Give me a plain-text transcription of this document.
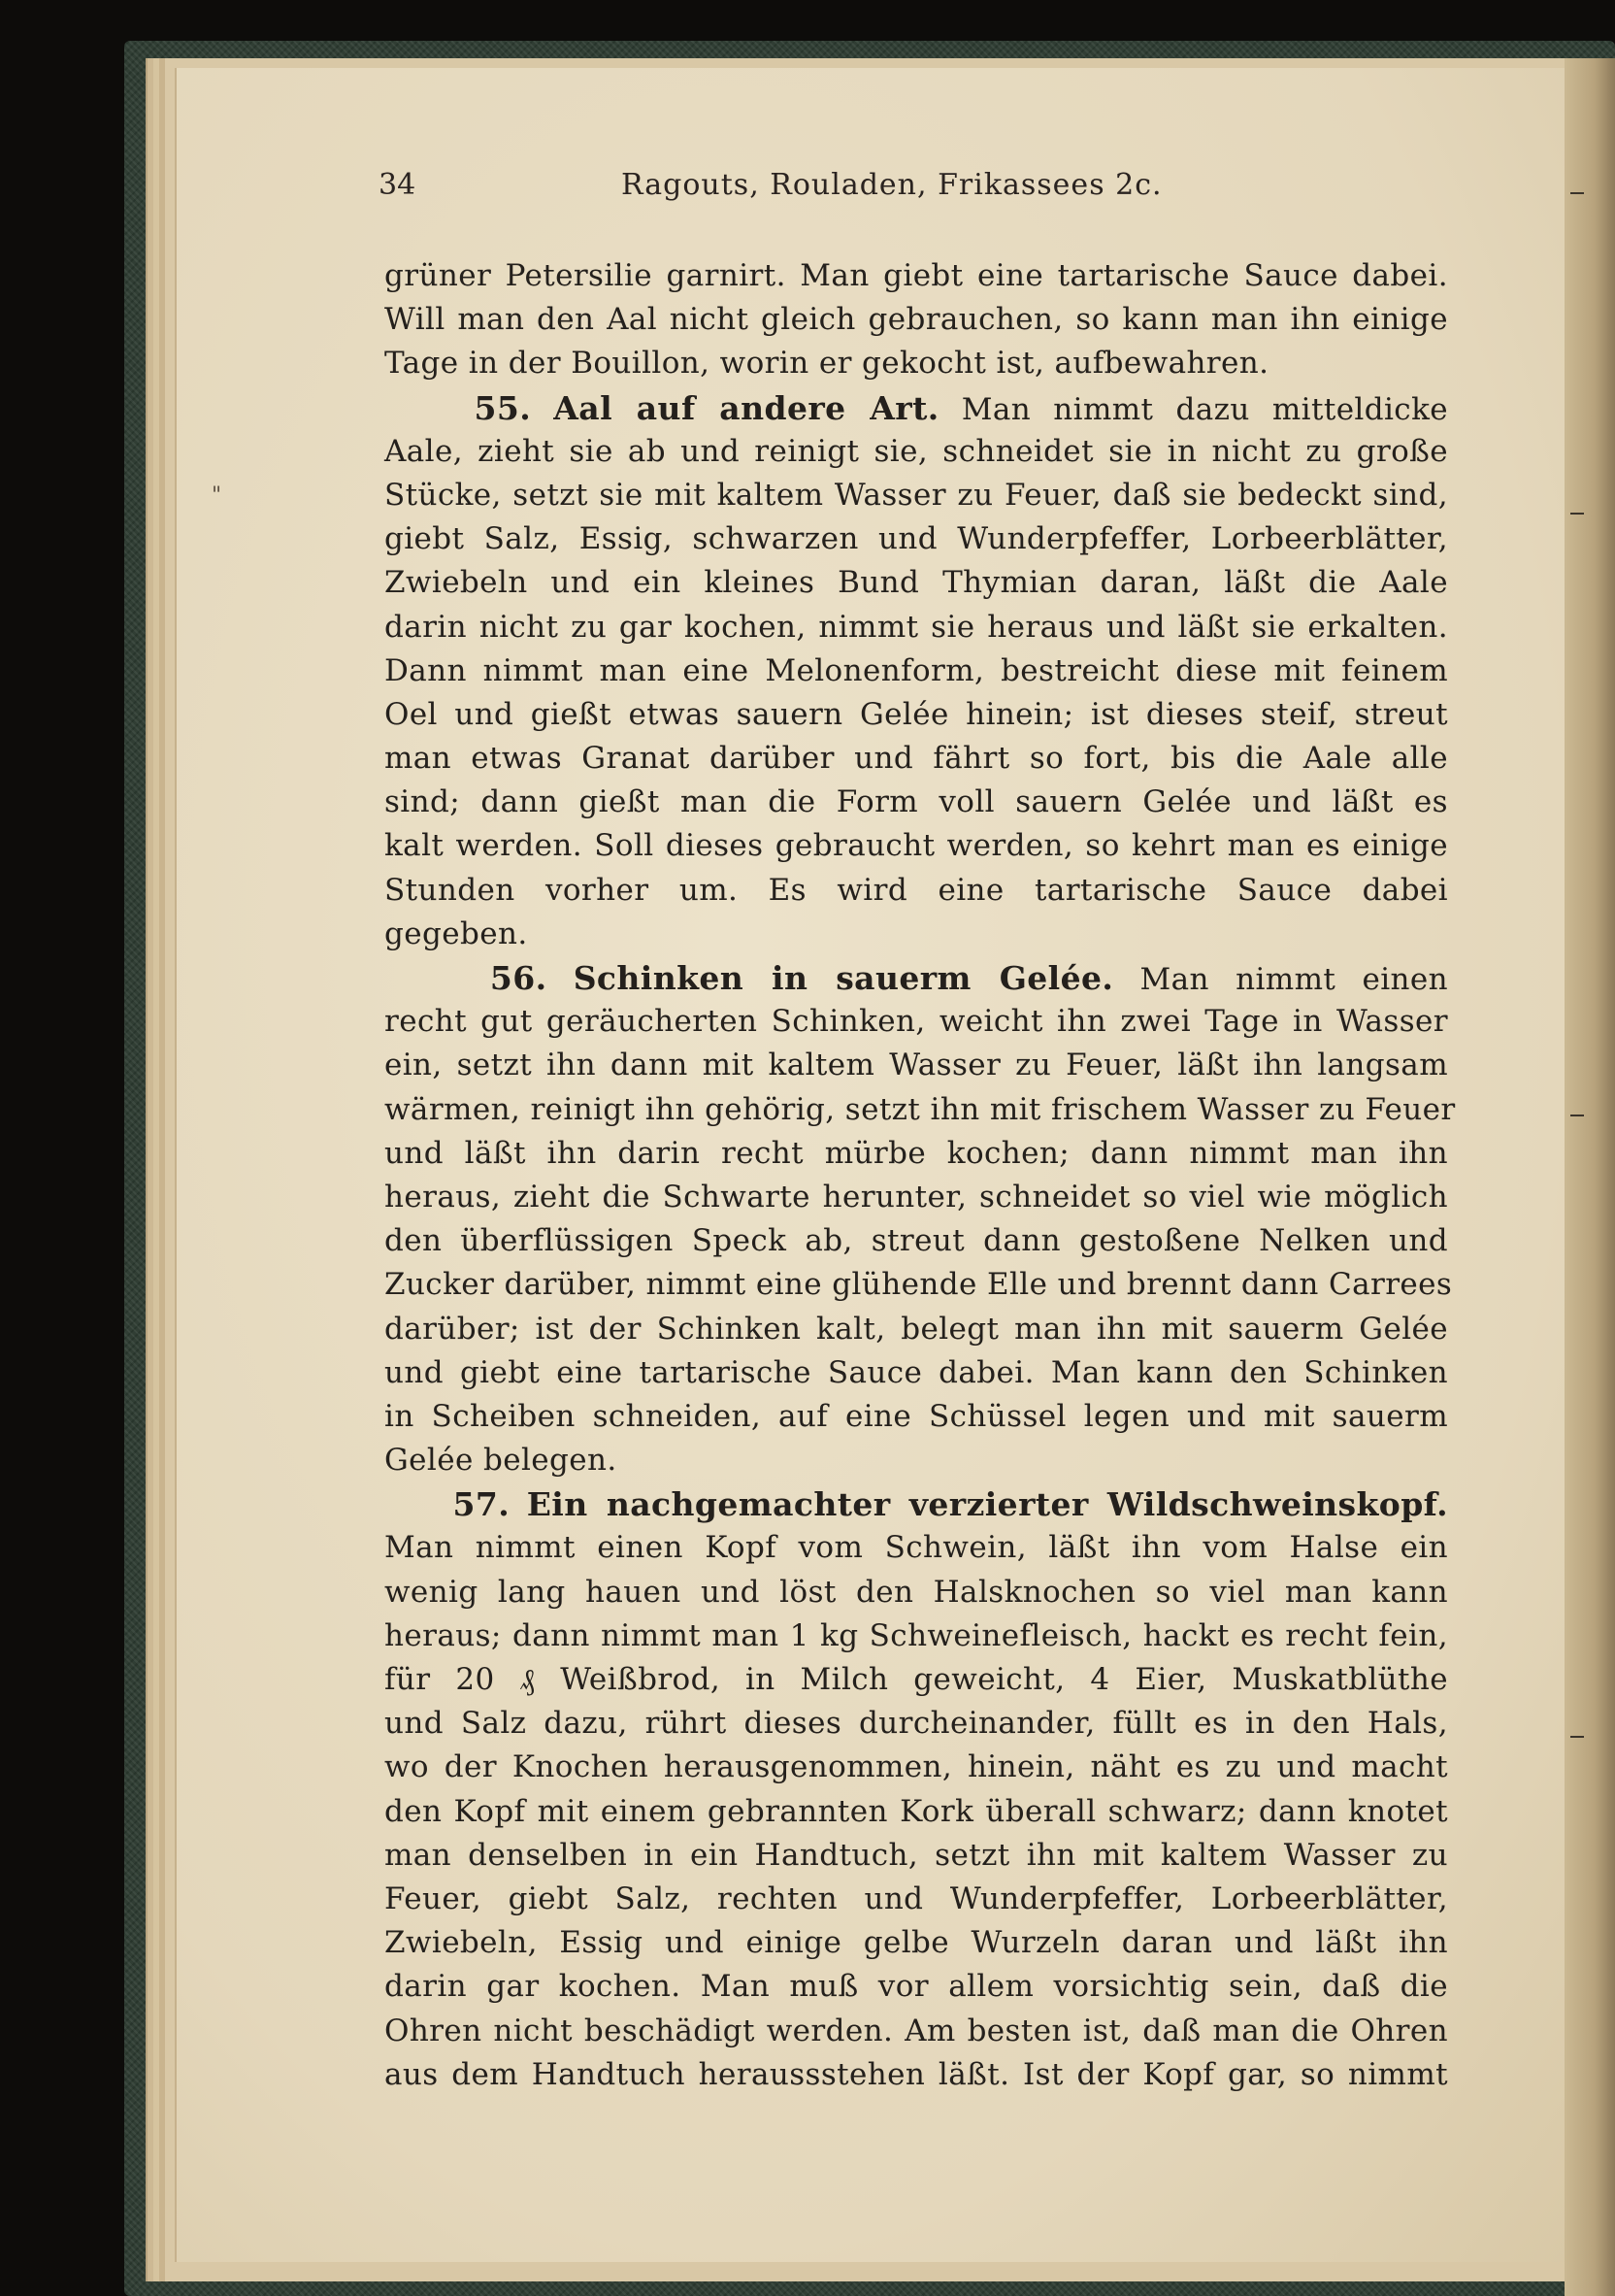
"
34	Ragouts, Rouladen, Frikassees 2c.
grüner Petersilie garnirt. Man giebt eine tartarische Sauce dabei.
Will man den Aal nicht gleich gebrauchen, so kann man ihn einige
Tage in der Bouillon, worin er gekocht ist, aufbewahren.
55. Aal auf andere Art. Man nimmt dazu mitteldicke
Aale, zieht sie ab und reinigt sie, schneidet sie in nicht zu große
Stücke, setzt sie mit kaltem Wasser zu Feuer, daß sie bedeckt sind,
giebt Salz, Essig, schwarzen und Wunderpfeffer, Lorbeerblätter,
Zwiebeln und ein kleines Bund Thymian daran, läßt die Aale
darin nicht zu gar kochen, nimmt sie heraus und läßt sie erkalten.
Dann nimmt man eine Melonenform, bestreicht diese mit feinem
Oel und gießt etwas sauern Gelée hinein; ist dieses steif, streut
man etwas Granat darüber und fährt so fort, bis die Aale alle
sind; dann gießt man die Form voll sauern Gelée und läßt es
kalt werden. Soll dieses gebraucht werden, so kehrt man es einige
Stunden vorher um. Es wird eine tartarische Sauce dabei
gegeben.
56. Schinken in sauerm Gelée. Man nimmt einen
recht gut geräucherten Schinken, weicht ihn zwei Tage in Wasser
ein, setzt ihn dann mit kaltem Wasser zu Feuer, läßt ihn langsam
wärmen, reinigt ihn gehörig, setzt ihn mit frischem Wasser zu Feuer
und läßt ihn darin recht mürbe kochen; dann nimmt man ihn
heraus, zieht die Schwarte herunter, schneidet so viel wie möglich
den überflüssigen Speck ab, streut dann gestoßene Nelken und
Zucker darüber, nimmt eine glühende Elle und brennt dann Carrees
darüber; ist der Schinken kalt, belegt man ihn mit sauerm Gelée
und giebt eine tartarische Sauce dabei. Man kann den Schinken
in Scheiben schneiden, auf eine Schüssel legen und mit sauerm
Gelée belegen.
57. Ein nachgemachter verzierter Wildschweinskopf.
Man nimmt einen Kopf vom Schwein, läßt ihn vom Halse ein
wenig lang hauen und löst den Halsknochen so viel man kann
heraus; dann nimmt man 1 kg Schweinefleisch, hackt es recht fein,
für 20 ₰ Weißbrod, in Milch geweicht, 4 Eier, Muskatblüthe
und Salz dazu, rührt dieses durcheinander, füllt es in den Hals,
wo der Knochen herausgenommen, hinein, näht es zu und macht
den Kopf mit einem gebrannten Kork überall schwarz; dann knotet
man denselben in ein Handtuch, setzt ihn mit kaltem Wasser zu
Feuer, giebt Salz, rechten und Wunderpfeffer, Lorbeerblätter,
Zwiebeln, Essig und einige gelbe Wurzeln daran und läßt ihn
darin gar kochen. Man muß vor allem vorsichtig sein, daß die
Ohren nicht beschädigt werden. Am besten ist, daß man die Ohren
aus dem Handtuch heraussstehen läßt. Ist der Kopf gar, so nimmt
